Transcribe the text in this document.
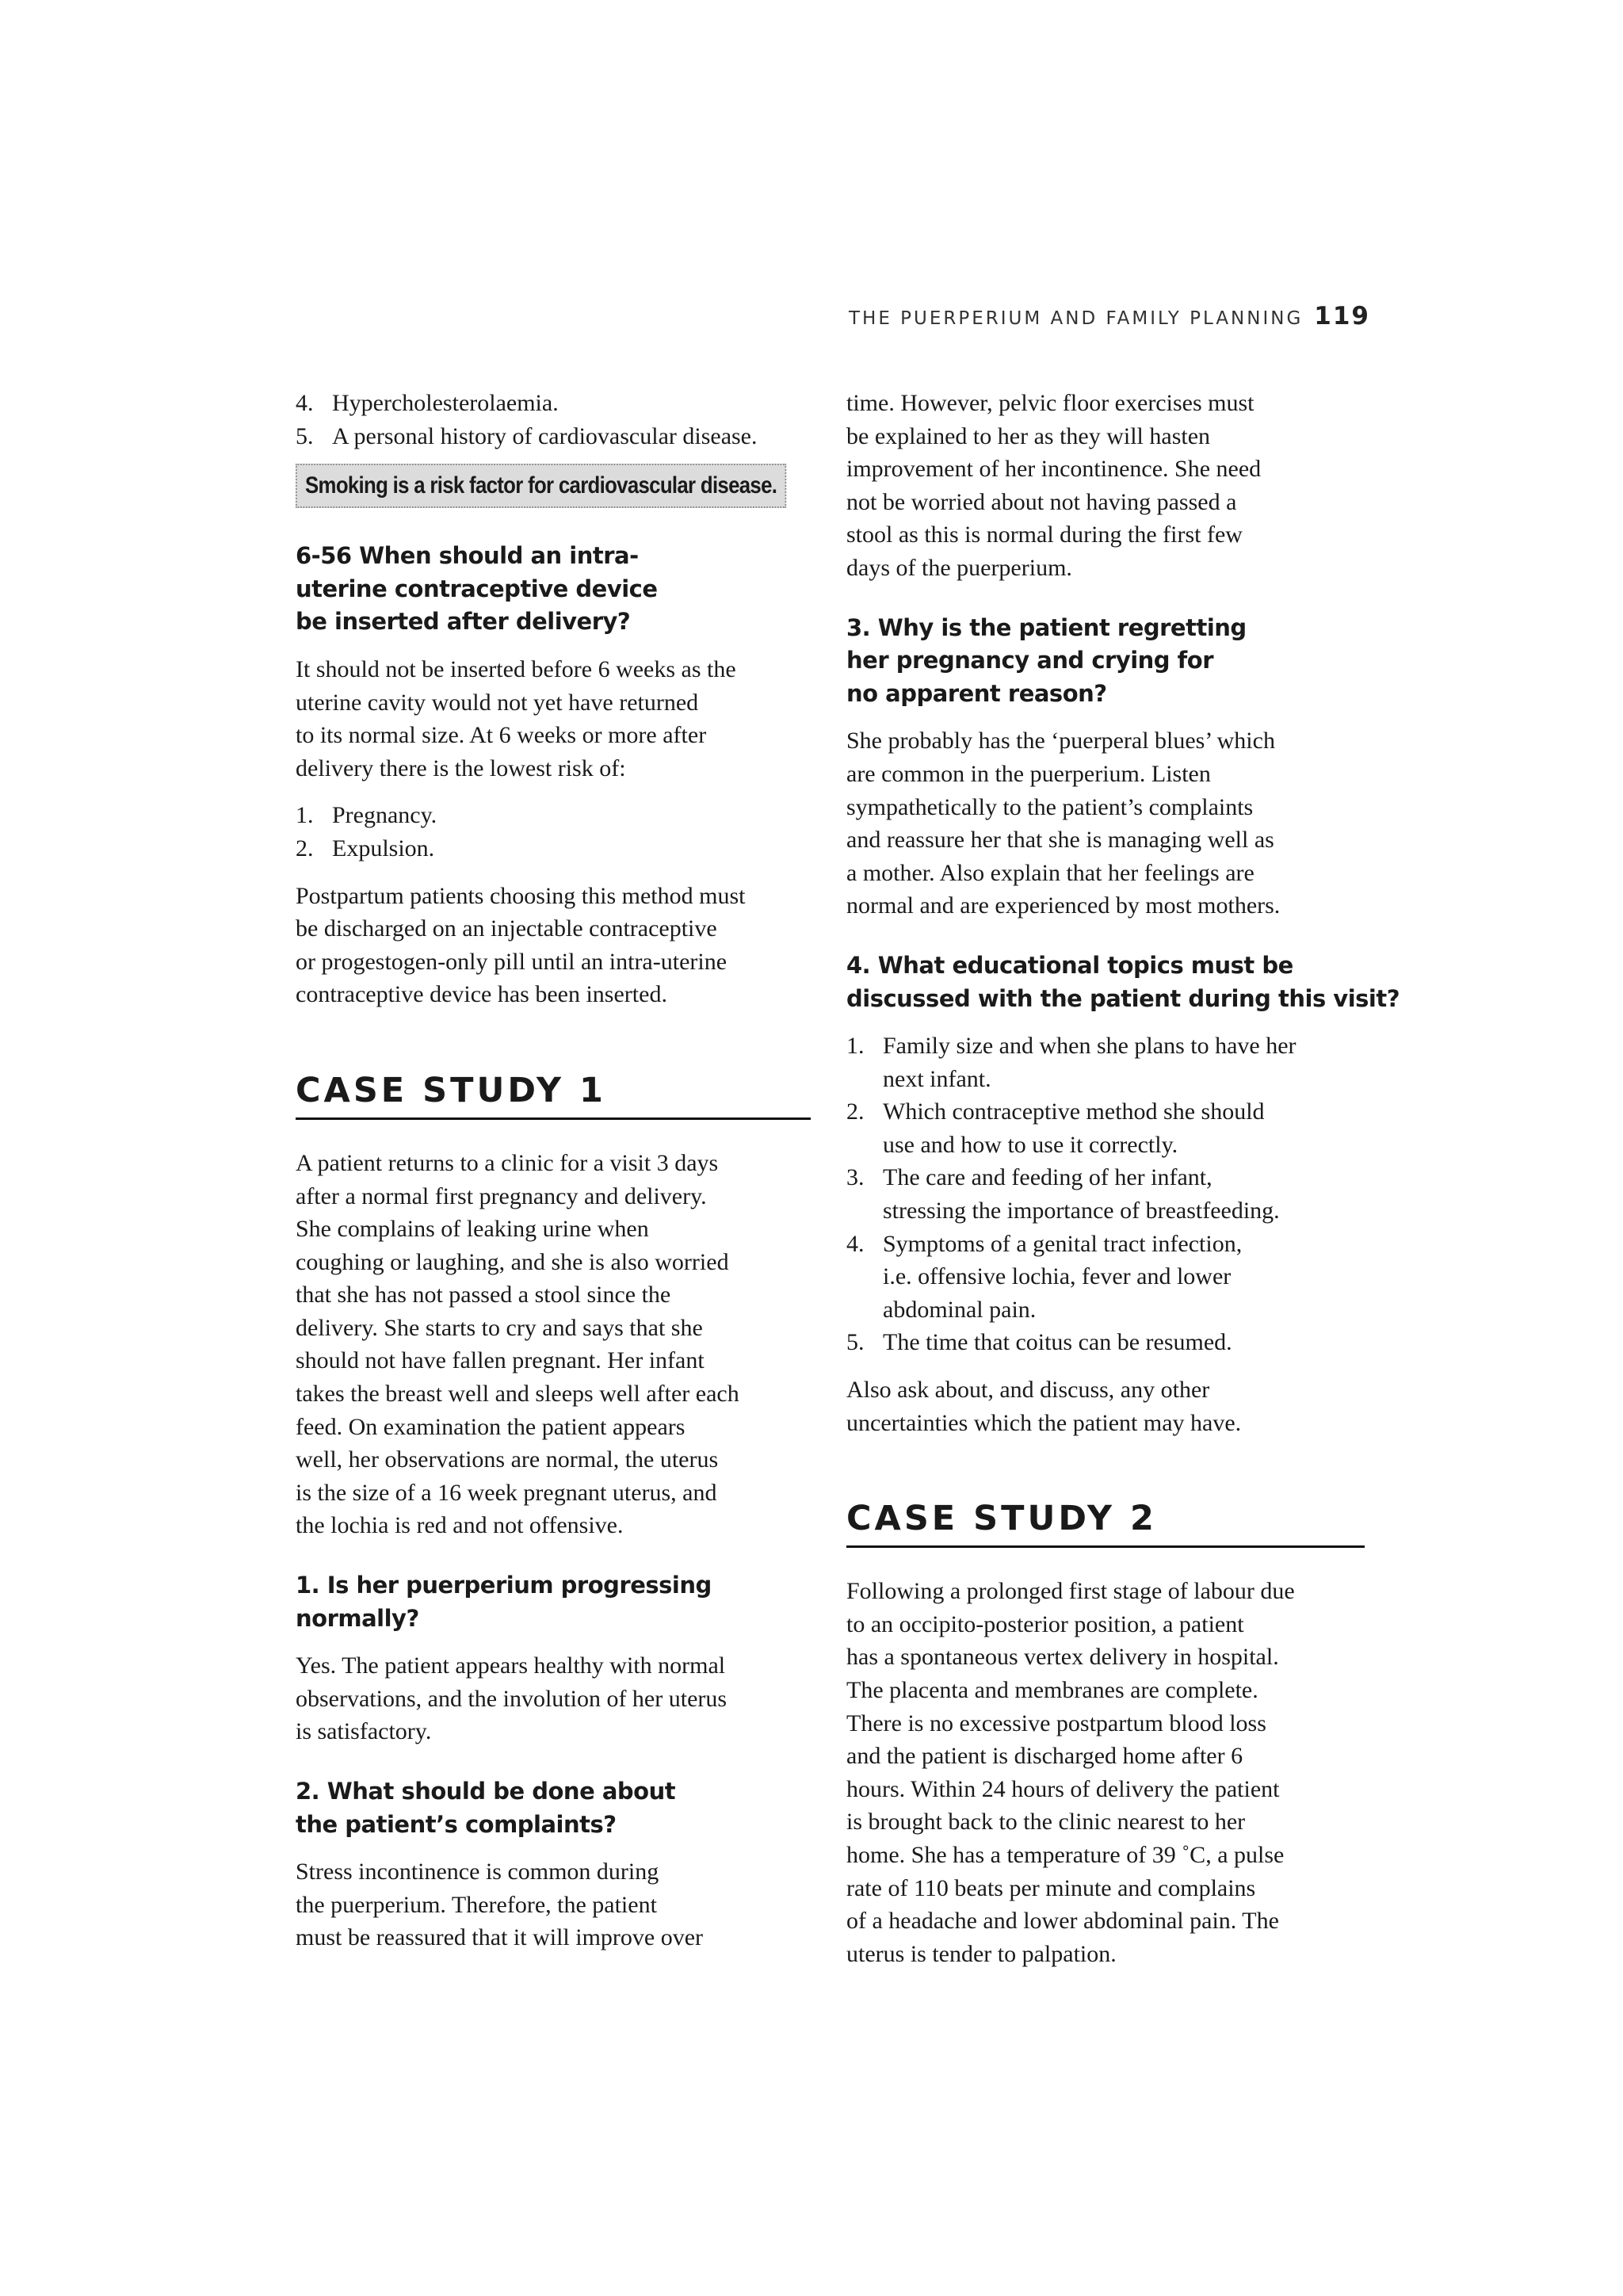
THE PUERPERIUM AND FAMILY PLANNING 119
4. Hypercholesterolaemia.
5. A personal history of cardiovascular disease.
Smoking is a risk factor for cardiovascular disease.
6-56 When should an intra-
uterine contraceptive device
be inserted after delivery?

It should not be inserted before 6 weeks as the
uterine cavity would not yet have returned
to its normal size. At 6 weeks or more after
delivery there is the lowest risk of:

1. Pregnancy.
2. Expulsion.

Postpartum patients choosing this method must
be discharged on an injectable contraceptive
or progestogen-only pill until an intra-uterine
contraceptive device has been inserted.

CASE STUDY 1

A patient returns to a clinic for a visit 3 days
after a normal first pregnancy and delivery.
She complains of leaking urine when
coughing or laughing, and she is also worried
that she has not passed a stool since the
delivery. She starts to cry and says that she
should not have fallen pregnant. Her infant
takes the breast well and sleeps well after each
feed. On examination the patient appears
well, her observations are normal, the uterus
is the size of a 16 week pregnant uterus, and
the lochia is red and not offensive.

1. Is her puerperium progressing normally?

Yes. The patient appears healthy with normal
observations, and the involution of her uterus
is satisfactory.

2. What should be done about
the patient’s complaints?

Stress incontinence is common during
the puerperium. Therefore, the patient
must be reassured that it will improve over

time. However, pelvic floor exercises must
be explained to her as they will hasten
improvement of her incontinence. She need
not be worried about not having passed a
stool as this is normal during the first few
days of the puerperium.

3. Why is the patient regretting
her pregnancy and crying for
no apparent reason?

She probably has the ‘puerperal blues’ which
are common in the puerperium. Listen
sympathetically to the patient’s complaints
and reassure her that she is managing well as
a mother. Also explain that her feelings are
normal and are experienced by most mothers.

4. What educational topics must be
discussed with the patient during this visit?
1. Family size and when she plans to have her
next infant.
2. Which contraceptive method she should
use and how to use it correctly.
3. The care and feeding of her infant,
stressing the importance of breastfeeding.
4. Symptoms of a genital tract infection,
i.e. offensive lochia, fever and lower
abdominal pain.
5. The time that coitus can be resumed.

Also ask about, and discuss, any other
uncertainties which the patient may have.

CASE STUDY 2

Following a prolonged first stage of labour due
to an occipito-posterior position, a patient
has a spontaneous vertex delivery in hospital.
The placenta and membranes are complete.
There is no excessive postpartum blood loss
and the patient is discharged home after 6
hours. Within 24 hours of delivery the patient
is brought back to the clinic nearest to her
home. She has a temperature of 39 ˚C, a pulse
rate of 110 beats per minute and complains
of a headache and lower abdominal pain. The
uterus is tender to palpation.
